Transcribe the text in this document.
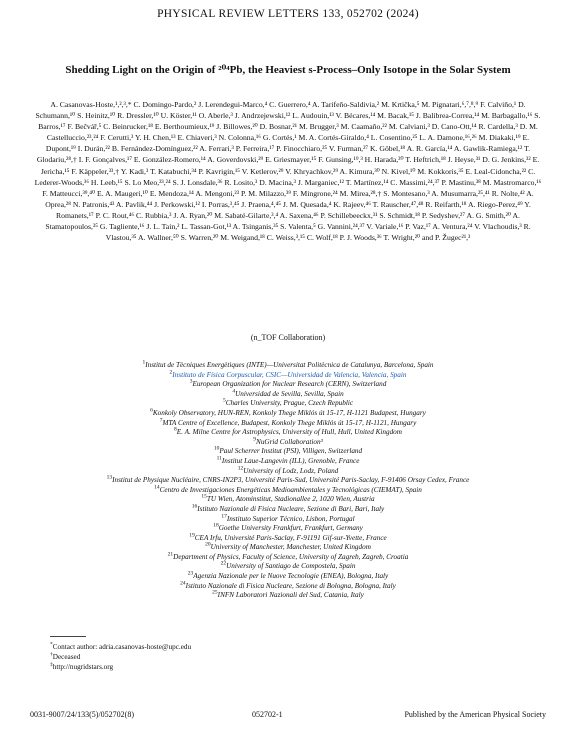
PHYSICAL REVIEW LETTERS 133, 052702 (2024)
Shedding Light on the Origin of ²⁰⁴Pb, the Heaviest s-Process–Only Isotope in the Solar System
A. Casanovas-Hoste,¹,²,³,* C. Domingo-Pardo,² J. Lerendegui-Marco,⁴ C. Guerrero,⁴ A. Tarifeño-Saldivia,² M. Krtička,⁵ M. Pignatari,⁶,⁷,⁸,⁹ F. Calviño,¹ D. Schumann,¹⁰ S. Heinitz,¹⁰ R. Dressler,¹⁰ U. Köster,¹¹ O. Aberle,³ J. Andrzejewski,¹² L. Audouin,¹³ V. Bécares,¹⁴ M. Bacak,¹⁵ J. Balibrea-Correa,¹⁴ M. Barbagallo,¹⁶ S. Barros,¹⁷ F. Bečvář,⁵ C. Beinrucker,¹⁸ E. Berthoumieux,¹⁹ J. Billowes,²⁰ D. Bosnar,²¹ M. Brugger,³ M. Caamaño,²² M. Calviani,³ D. Cano-Ott,¹⁴ R. Cardella,³ D. M. Castelluccio,²³,²⁴ F. Cerutti,³ Y. H. Chen,¹³ E. Chiaveri,³ N. Colonna,¹⁶ G. Cortés,¹ M. A. Cortés-Giraldo,⁴ L. Cosentino,²⁵ L. A. Damone,¹⁶,²⁶ M. Diakaki,¹⁹ E. Dupont,¹⁹ I. Durán,²² B. Fernández-Domínguez,²² A. Ferrari,³ P. Ferreira,¹⁷ P. Finocchiaro,²⁵ V. Furman,²⁷ K. Göbel,¹⁸ A. R. García,¹⁴ A. Gawlik-Ramiega,¹² T. Glodariu,²⁸,† I. F. Gonçalves,¹⁷ E. González-Romero,¹⁴ A. Goverdovski,²⁹ E. Griesmayer,¹⁵ F. Gunsing,¹⁹,³ H. Harada,³⁰ T. Heftrich,¹⁸ J. Heyse,³¹ D. G. Jenkins,³² E. Jericha,¹⁵ F. Käppeler,³³,† Y. Kadi,³ T. Katabuchi,³⁴ P. Kavrigin,¹⁵ V. Ketlerov,²⁹ V. Khryachkov,²⁹ A. Kimura,³⁰ N. Kivel,¹⁰ M. Kokkoris,³⁵ E. Leal-Cidoncha,²² C. Lederer-Woods,³⁶ H. Leeb,¹⁵ S. Lo Meo,²³,²⁴ S. J. Lonsdale,³⁶ R. Losito,³ D. Macina,³ J. Marganiec,¹² T. Martínez,¹⁴ C. Massimi,²⁴,³⁷ P. Mastinu,³⁸ M. Mastromarco,¹⁶ F. Matteucci,³⁹,⁴⁰ E. A. Maugeri,¹⁰ E. Mendoza,¹⁴ A. Mengoni,²³ P. M. Milazzo,³⁹ F. Mingrone,²⁴ M. Mirea,²⁸,† S. Montesano,³ A. Musumarra,²⁵,⁴¹ R. Nolte,⁴² A. Oprea,²⁸ N. Patronis,⁴³ A. Pavlik,⁴⁴ J. Perkowski,¹² I. Porras,³,⁴⁵ J. Praena,⁴,⁴⁵ J. M. Quesada,⁴ K. Rajeev,⁴⁶ T. Rauscher,⁴⁷,⁴⁸ R. Reifarth,¹⁸ A. Riego-Perez,⁴⁹ Y. Romanets,¹⁷ P. C. Rout,⁴⁶ C. Rubbia,³ J. A. Ryan,²⁰ M. Sabaté-Gilarte,³,⁴ A. Saxena,⁴⁶ P. Schillebeeckx,³¹ S. Schmidt,¹⁸ P. Sedyshev,²⁷ A. G. Smith,²⁰ A. Stamatopoulos,³⁵ G. Tagliente,¹⁶ J. L. Tain,² L. Tassan-Got,¹³ A. Tsinganis,³⁵ S. Valenta,⁵ G. Vannini,²⁴,³⁷ V. Variale,¹⁶ P. Vaz,¹⁷ A. Ventura,²⁴ V. Vlachoudis,³ R. Vlastou,³⁵ A. Wallner,⁵⁰ S. Warren,²⁰ M. Weigand,¹⁸ C. Weiss,³,¹⁵ C. Wolf,¹⁸ P. J. Woods,³⁶ T. Wright,²⁰ and P. Žugec²¹,³
(n_TOF Collaboration)
$^1$Institut de Tècniques Energètiques (INTE)—Universitat Politècnica de Catalunya, Barcelona, Spain
$^2$Instituto de Física Corpuscular, CSIC—Universidad de Valencia, Valencia, Spain
$^3$European Organization for Nuclear Research (CERN), Switzerland
$^4$Universidad de Sevilla, Sevilla, Spain
$^5$Charles University, Prague, Czech Republic
$^6$Konkoly Observatory, HUN-REN, Konkoly Thege Miklós út 15-17, H-1121 Budapest, Hungary
$^7$MTA Centre of Excellence, Budapest, Konkoly Thege Miklós út 15-17, H-1121, Hungary
$^8$E. A. Milne Centre for Astrophysics, University of Hull, Hull, United Kingdom
$^9$NuGrid Collaboration³
$^{10}$Paul Scherrer Institut (PSI), Villigen, Switzerland
$^{11}$Institut Laue-Langevin (ILL), Grenoble, France
$^{12}$University of Lodz, Lodz, Poland
$^{13}$Institut de Physique Nucléaire, CNRS-IN2P3, Université Paris-Sud, Université Paris-Saclay, F-91406 Orsay Cedex, France
$^{14}$Centro de Investigaciones Energéticas Medioambientales y Tecnológicas (CIEMAT), Spain
$^{15}$TU Wien, Atominstitut, Stadionallee 2, 1020 Wien, Austria
$^{16}$Istituto Nazionale di Fisica Nucleare, Sezione di Bari, Bari, Italy
$^{17}$Instituto Superior Técnico, Lisbon, Portugal
$^{18}$Goethe University Frankfurt, Frankfurt, Germany
$^{19}$CEA Irfu, Université Paris-Saclay, F-91191 Gif-sur-Yvette, France
$^{20}$University of Manchester, Manchester, United Kingdom
$^{21}$Department of Physics, Faculty of Science, University of Zagreb, Zagreb, Croatia
$^{22}$University of Santiago de Compostela, Spain
$^{23}$Agenzia Nazionale per le Nuove Tecnologie (ENEA), Bologna, Italy
$^{24}$Istituto Nazionale di Fisica Nucleare, Sezione di Bologna, Bologna, Italy
$^{25}$INFN Laboratori Nazionali del Sud, Catania, Italy
*Contact author: adria.casanovas-hoste@upc.edu
†Deceased
‡http://nugridstars.org
0031-9007/24/133(5)/052702(8)	052702-1	Published by the American Physical Society
